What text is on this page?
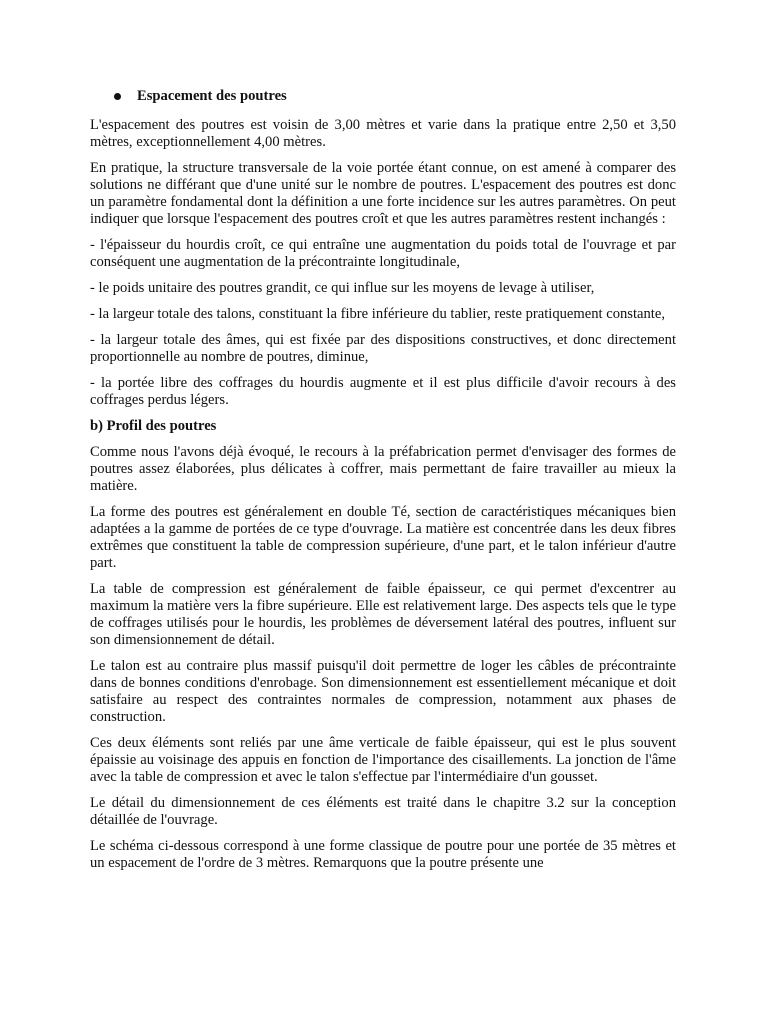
Espacement des poutres

L'espacement des poutres est voisin de 3,00 mètres et varie dans la pratique entre 2,50 et 3,50 mètres, exceptionnellement 4,00 mètres.

En pratique, la structure transversale de la voie portée étant connue, on est amené à comparer des solutions ne différant que d'une unité sur le nombre de poutres. L'espacement des poutres est donc un paramètre fondamental dont la définition a une forte incidence sur les autres paramètres. On peut indiquer que lorsque l'espacement des poutres croît et que les autres paramètres restent inchangés :

- l'épaisseur du hourdis croît, ce qui entraîne une augmentation du poids total de l'ouvrage et par conséquent une augmentation de la précontrainte longitudinale,

- le poids unitaire des poutres grandit, ce qui influe sur les moyens de levage à utiliser,

- la largeur totale des talons, constituant la fibre inférieure du tablier, reste pratiquement constante,

- la largeur totale des âmes, qui est fixée par des dispositions constructives, et donc directement proportionnelle au nombre de poutres, diminue,

- la portée libre des coffrages du hourdis augmente et il est plus difficile d'avoir recours à des coffrages perdus légers.

b) Profil des poutres

Comme nous l'avons déjà évoqué, le recours à la préfabrication permet d'envisager des formes de poutres assez élaborées, plus délicates à coffrer, mais permettant de faire travailler au mieux la matière.

La forme des poutres est généralement en double Té, section de caractéristiques mécaniques bien adaptées a la gamme de portées de ce type d'ouvrage. La matière est concentrée dans les deux fibres extrêmes que constituent la table de compression supérieure, d'une part, et le talon inférieur d'autre part.

La table de compression est généralement de faible épaisseur, ce qui permet d'excentrer au maximum la matière vers la fibre supérieure. Elle est relativement large. Des aspects tels que le type de coffrages utilisés pour le hourdis, les problèmes de déversement latéral des poutres, influent sur son dimensionnement de détail.

Le talon est au contraire plus massif puisqu'il doit permettre de loger les câbles de précontrainte dans de bonnes conditions d'enrobage. Son dimensionnement est essentiellement mécanique et doit satisfaire au respect des contraintes normales de compression, notamment aux phases de construction.

Ces deux éléments sont reliés par une âme verticale de faible épaisseur, qui est le plus souvent épaissie au voisinage des appuis en fonction de l'importance des cisaillements. La jonction de l'âme avec la table de compression et avec le talon s'effectue par l'intermédiaire d'un gousset.

Le détail du dimensionnement de ces éléments est traité dans le chapitre 3.2 sur la conception détaillée de l'ouvrage.

Le schéma ci-dessous correspond à une forme classique de poutre pour une portée de 35 mètres et un espacement de l'ordre de 3 mètres. Remarquons que la poutre présente une
